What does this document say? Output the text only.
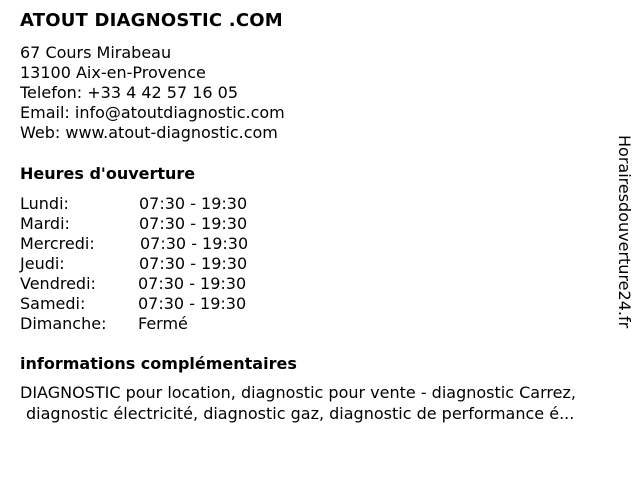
ATOUT DIAGNOSTIC .COM
67 Cours Mirabeau
13100 Aix-en-Provence
Telefon: +33 4 42 57 16 05
Email: info@atoutdiagnostic.com
Web: www.atout-diagnostic.com
Heures d'ouverture
Lundi:	07:30 - 19:30
Mardi:	07:30 - 19:30
Mercredi:	07:30 - 19:30
Jeudi:	07:30 - 19:30
Vendredi:	07:30 - 19:30
Samedi:	07:30 - 19:30
Dimanche: Fermé
informations complémentaires
DIAGNOSTIC pour location, diagnostic pour vente - diagnostic Carrez,
diagnostic électricité, diagnostic gaz, diagnostic de performance é...
Horairesdouverture24.fr
